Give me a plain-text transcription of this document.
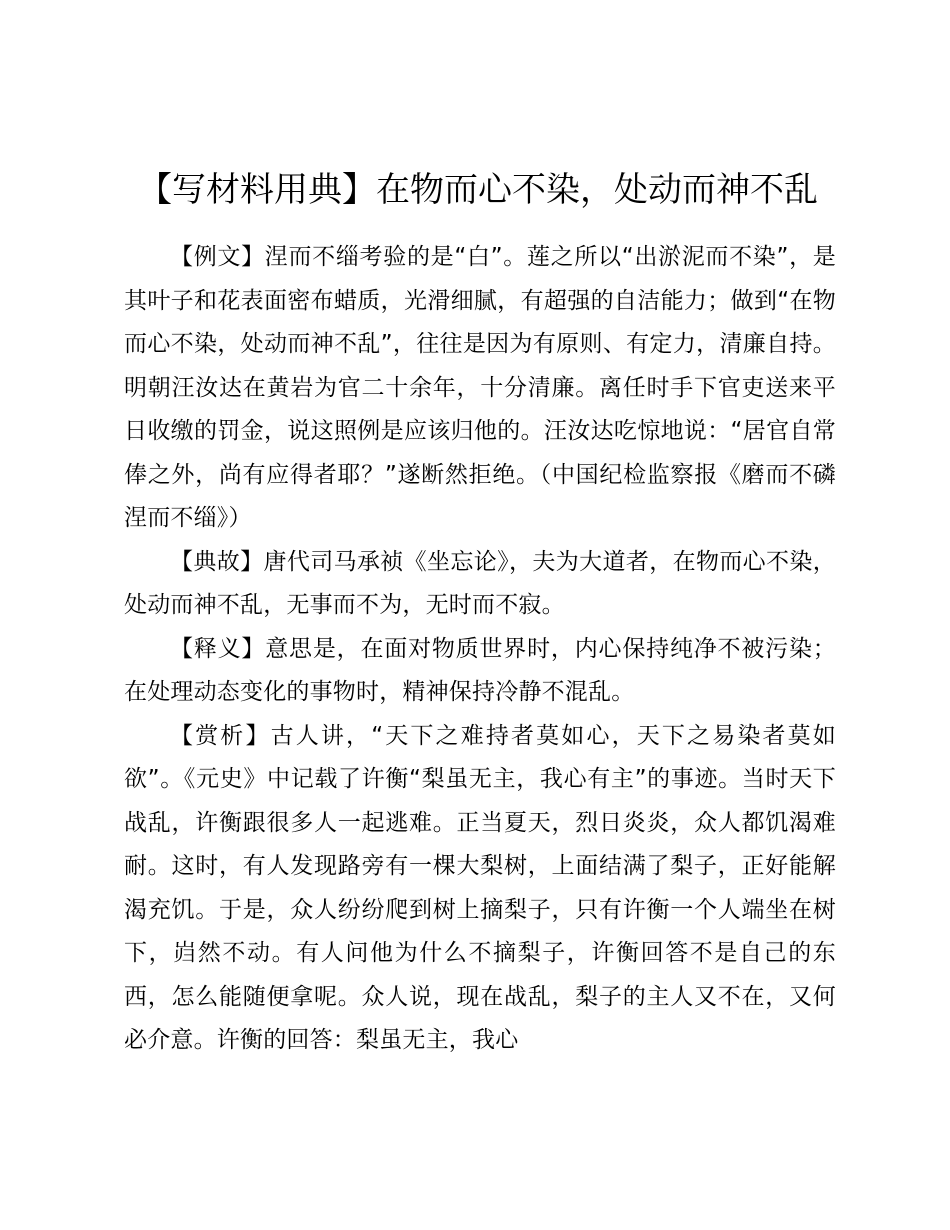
【写材料用典】在物而心不染，处动而神不乱

【例文】涅而不缁考验的是“白”。莲之所以“出淤泥而不染”，是其叶子和花表面密布蜡质，光滑细腻，有超强的自洁能力；做到“在物而心不染，处动而神不乱”，往往是因为有原则、有定力，清廉自持。明朝汪汝达在黄岩为官二十余年，十分清廉。离任时手下官吏送来平日收缴的罚金，说这照例是应该归他的。汪汝达吃惊地说：“居官自常俸之外，尚有应得者耶？”遂断然拒绝。（中国纪检监察报《磨而不磷涅而不缁》）

【典故】唐代司马承祯《坐忘论》，夫为大道者，在物而心不染，处动而神不乱，无事而不为，无时而不寂。

【释义】意思是，在面对物质世界时，内心保持纯净不被污染；在处理动态变化的事物时，精神保持冷静不混乱。

【赏析】古人讲，“天下之难持者莫如心，天下之易染者莫如欲”。《元史》中记载了许衡“梨虽无主，我心有主”的事迹。当时天下战乱，许衡跟很多人一起逃难。正当夏天，烈日炎炎，众人都饥渴难耐。这时，有人发现路旁有一棵大梨树，上面结满了梨子，正好能解渴充饥。于是，众人纷纷爬到树上摘梨子，只有许衡一个人端坐在树下，岿然不动。有人问他为什么不摘梨子，许衡回答不是自己的东西，怎么能随便拿呢。众人说，现在战乱，梨子的主人又不在，又何必介意。许衡的回答：梨虽无主，我心
